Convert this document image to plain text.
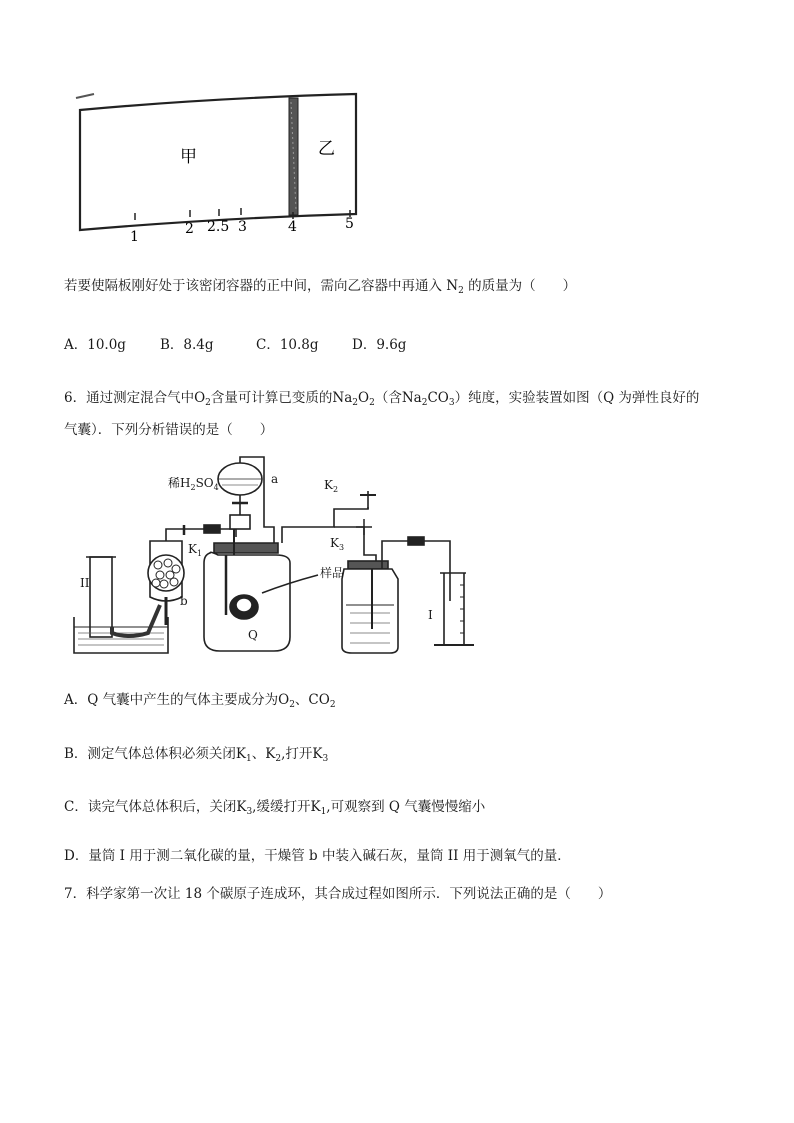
甲	乙
1	2 2.5 3	4	5
若要使隔板刚好处于该密闭容器的正中间，需向乙容器中再通入 $N_2$ 的质量为（　　）
A．10.0g	B．8.4g	C．10.8g D．9.6g
6．通过测定混合气中$O_2$含量可计算已变质的$Na_2O_2$（含$Na_2CO_3$）纯度，实验装置如图（Q 为弹性良好的
气囊）．下列分析错误的是（　　）
稀$H_2SO_4$
a
$K_1$
$K_2$
$K_3$
b
Q
样品
II
I
A．Q 气囊中产生的气体主要成分为$O_2$、$CO_2$
B．测定气体总体积必须关闭$K_1$、$K_2$,打开$K_3$
C．读完气体总体积后，关闭$K_3$,缓缓打开$K_1$,可观察到 Q 气囊慢慢缩小
D．量筒 I 用于测二氧化碳的量，干燥管 b 中装入碱石灰，量筒 II 用于测氧气的量．
7．科学家第一次让 18 个碳原子连成环，其合成过程如图所示．下列说法正确的是（　　）
